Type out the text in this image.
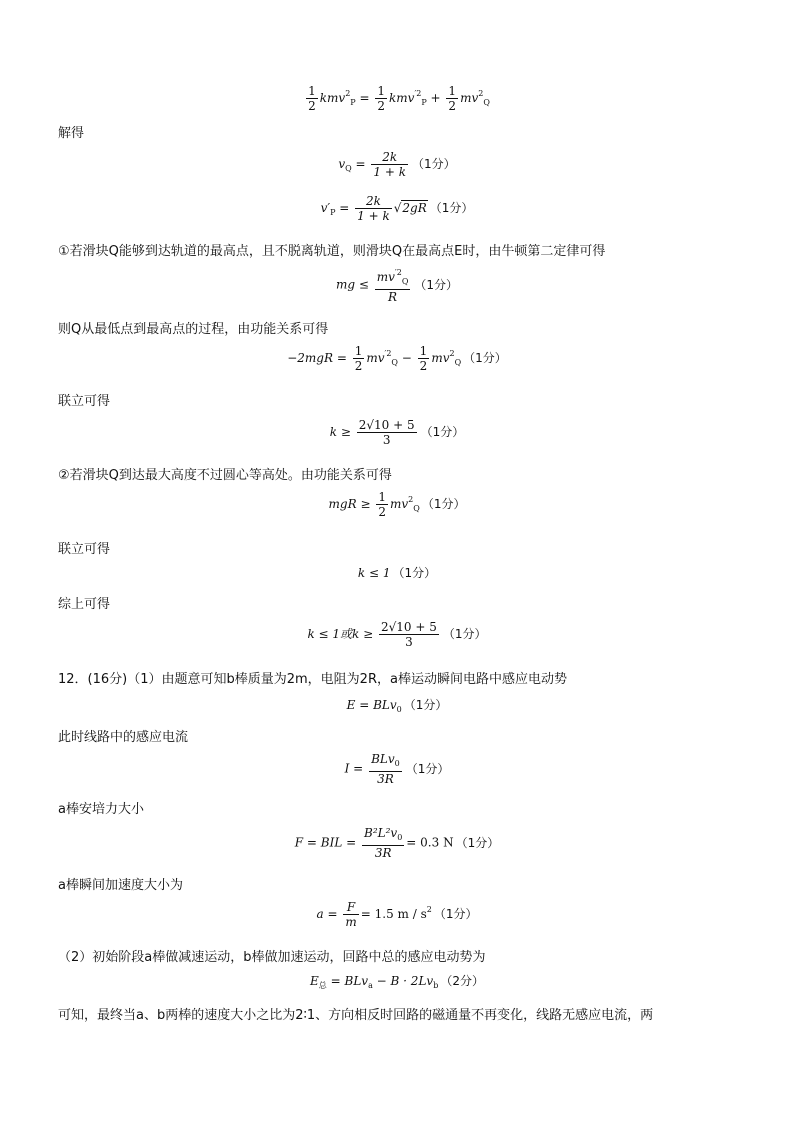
$\frac{1}{2} kmv^2_P = \frac{1}{2} kmv^{'2}_P + \frac{1}{2} mv^2_Q$
解得
$v_Q = \frac{2k}{1 + k} (1$分）
$v'_P = \frac{2k}{1 + k} √2gR$ （1分）
①若滑块Q能够到达轨道的最高点，且不脱离轨道，则滑块Q在最高点E时，由牛顿第二定律可得
mg ≤ $\frac{mv^{'2}_Q}{R} (1$分）
则Q从最低点到最高点的过程，由功能关系可得
$-2mgR = \frac{1}{2} mv^{'2}_Q - \frac{1}{2} mv^2_Q$ （1分）
联立可得
$k \ge \frac{2√10 + 5}{3} (1$分）
②若滑块Q到达最大高度不过圆心等高处。由功能关系可得
mgR ≥ $\frac{1}{2} mv^2_Q$ （1分）
联立可得
k ≤ 1 （1分）
综上可得
k ≤ 1或$k \ge \frac{2√10 + 5}{3} (1$分）
12．(16分)（1）由题意可知b棒质量为2m，电阻为2R，a棒运动瞬间电路中感应电动势
E = BLv$_0$ （1分）
此时线路中的感应电流
$I = \frac{BLv_0}{3R} (1$分）
a棒安培力大小
F = BIL = $\frac{B^2L^2v_0}{3R} = 0.3$ N （1分）
a棒瞬间加速度大小为
$a = \frac{F}{m} = 1.5$ m / $s^2$ （1分）
（2）初始阶段a棒做减速运动，b棒做加速运动，回路中总的感应电动势为
$E_总 = BLv_a - B \cdot 2Lv_b$ （2分）
可知，最终当a、b两棒的速度大小之比为2∶1、方向相反时回路的磁通量不再变化，线路无感应电流，两
